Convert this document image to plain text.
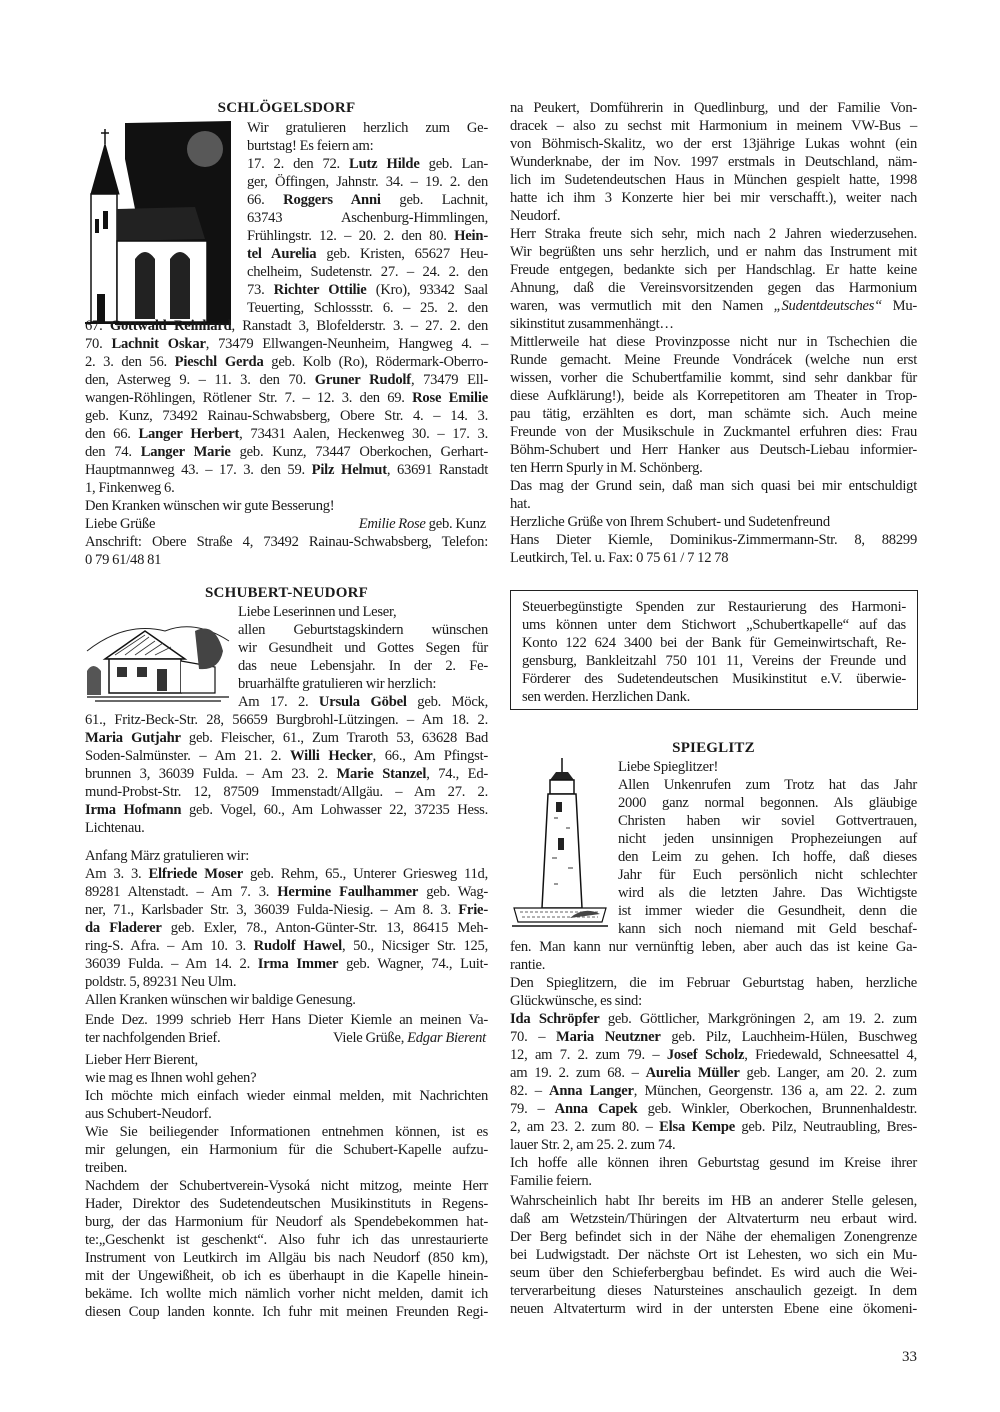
SCHLÖGELSDORF
Wir gratulieren herzlich zum Ge-
burtstag! Es feiern am:
17. 2. den 72. Lutz Hilde geb. Lan-
ger, Öffingen, Jahnstr. 34. – 19. 2. den
66. Roggers Anni geb. Lachnit,
63743 Aschenburg-Himmlingen,
Frühlingstr. 12. – 20. 2. den 80. Hein-
tel Aurelia geb. Kristen, 65627 Heu-
chelheim, Sudetenstr. 27. – 24. 2. den
73. Richter Ottilie (Kro), 93342 Saal
Teuerting, Schlossstr. 6. – 25. 2. den
67. Gottwald Reinhard, Ranstadt 3, Blofelderstr. 3. – 27. 2. den
70. Lachnit Oskar, 73479 Ellwangen-Neunheim, Hangweg 4. –
2. 3. den 56. Pieschl Gerda geb. Kolb (Ro), Rödermark-Oberro-
den, Asterweg 9. – 11. 3. den 70. Gruner Rudolf, 73479 Ell-
wangen-Röhlingen, Rötlener Str. 7. – 12. 3. den 69. Rose Emilie
geb. Kunz, 73492 Rainau-Schwabsberg, Obere Str. 4. – 14. 3.
den 66. Langer Herbert, 73431 Aalen, Heckenweg 30. – 17. 3.
den 74. Langer Marie geb. Kunz, 73447 Oberkochen, Gerhart-
Hauptmannweg 43. – 17. 3. den 59. Pilz Helmut, 63691 Ranstadt
1, Finkenweg 6.
Den Kranken wünschen wir gute Besserung!
Liebe Grüße	Emilie Rose geb. Kunz
Anschrift: Obere Straße 4, 73492 Rainau-Schwabsberg, Telefon:
0 79 61/48 81
SCHUBERT-NEUDORF
Liebe Leserinnen und Leser,
allen Geburtstagskindern wünschen
wir Gesundheit und Gottes Segen für
das neue Lebensjahr. In der 2. Fe-
bruarhälfte gratulieren wir herzlich:
Am 17. 2. Ursula Göbel geb. Möck,
61., Fritz-Beck-Str. 28, 56659 Burgbrohl-Lützingen. – Am 18. 2.
Maria Gutjahr geb. Fleischer, 61., Zum Traroth 53, 63628 Bad
Soden-Salmünster. – Am 21. 2. Willi Hecker, 66., Am Pfingst-
brunnen 3, 36039 Fulda. – Am 23. 2. Marie Stanzel, 74., Ed-
mund-Probst-Str. 12, 87509 Immenstadt/Allgäu. – Am 27. 2.
Irma Hofmann geb. Vogel, 60., Am Lohwasser 22, 37235 Hess.
Lichtenau.
Anfang März gratulieren wir:
Am 3. 3. Elfriede Moser geb. Rehm, 65., Unterer Griesweg 11d,
89281 Altenstadt. – Am 7. 3. Hermine Faulhammer geb. Wag-
ner, 71., Karlsbader Str. 3, 36039 Fulda-Niesig. – Am 8. 3. Frie-
da Fladerer geb. Exler, 78., Anton-Günter-Str. 13, 86415 Meh-
ring-S. Afra. – Am 10. 3. Rudolf Hawel, 50., Nicsiger Str. 125,
36039 Fulda. – Am 14. 2. Irma Immer geb. Wagner, 74., Luit-
poldstr. 5, 89231 Neu Ulm.
Allen Kranken wünschen wir baldige Genesung.
Ende Dez. 1999 schrieb Herr Hans Dieter Kiemle an meinen Va-
ter nachfolgenden Brief.	Viele Grüße, Edgar Bierent
Lieber Herr Bierent,
wie mag es Ihnen wohl gehen?
Ich möchte mich einfach wieder einmal melden, mit Nachrichten
aus Schubert-Neudorf.
Wie Sie beiliegender Informationen entnehmen können, ist es
mir gelungen, ein Harmonium für die Schubert-Kapelle aufzu-
treiben.
Nachdem der Schubertverein-Vysoká nicht mitzog, meinte Herr
Hader, Direktor des Sudetendeutschen Musikinstituts in Regens-
burg, der das Harmonium für Neudorf als Spendebekommen hat-
te:„Geschenkt ist geschenkt“. Also fuhr ich das unrestaurierte
Instrument von Leutkirch im Allgäu bis nach Neudorf (850 km),
mit der Ungewißheit, ob ich es überhaupt in die Kapelle hinein-
bekäme. Ich wollte mich nämlich vorher nicht melden, damit ich
diesen Coup landen konnte. Ich fuhr mit meinen Freunden Regi-
na Peukert, Domführerin in Quedlinburg, und der Familie Von-
dracek – also zu sechst mit Harmonium in meinem VW-Bus –
von Böhmisch-Skalitz, wo der erst 13jährige Lukas wohnt (ein
Wunderknabe, der im Nov. 1997 erstmals in Deutschland, näm-
lich im Sudetendeutschen Haus in München gespielt hatte, 1998
hatte ich ihm 3 Konzerte hier bei mir verschafft.), weiter nach
Neudorf.
Herr Straka freute sich sehr, mich nach 2 Jahren wiederzusehen.
Wir begrüßten uns sehr herzlich, und er nahm das Instrument mit
Freude entgegen, bedankte sich per Handschlag. Er hatte keine
Ahnung, daß die Vereinsvorsitzenden gegen das Harmonium
waren, was vermutlich mit den Namen „Sudentdeutsches“ Mu-
sikinstitut zusammenhängt…
Mittlerweile hat diese Provinzposse nicht nur in Tschechien die
Runde gemacht. Meine Freunde Vondrácek (welche nun erst
wissen, vorher die Schubertfamilie kommt, sind sehr dankbar für
diese Aufklärung!), beide als Korrepetitoren am Theater in Trop-
pau tätig, erzählten es dort, man schämte sich. Auch meine
Freunde von der Musikschule in Zuckmantel erfuhren dies: Frau
Böhm-Schubert und Herr Hanker aus Deutsch-Liebau informier-
ten Herrn Spurly in M. Schönberg.
Das mag der Grund sein, daß man sich quasi bei mir entschuldigt
hat.
Herzliche Grüße von Ihrem Schubert- und Sudetenfreund
Hans Dieter Kiemle, Dominikus-Zimmermann-Str. 8, 88299
Leutkirch, Tel. u. Fax: 0 75 61 / 7 12 78
Steuerbegünstigte Spenden zur Restaurierung des Harmoni-
ums können unter dem Stichwort „Schubertkapelle“ auf das
Konto 122 624 3400 bei der Bank für Gemeinwirtschaft, Re-
gensburg, Bankleitzahl 750 101 11, Vereins der Freunde und
Förderer des Sudetendeutschen Musikinstitut e.V. überwie-
sen werden. Herzlichen Dank.
SPIEGLITZ
Liebe Spieglitzer!
Allen Unkenrufen zum Trotz hat das Jahr
2000 ganz normal begonnen. Als gläubige
Christen haben wir soviel Gottvertrauen,
nicht jeden unsinnigen Prophezeiungen auf
den Leim zu gehen. Ich hoffe, daß dieses
Jahr für Euch persönlich nicht schlechter
wird als die letzten Jahre. Das Wichtigste
ist immer wieder die Gesundheit, denn die
kann sich noch niemand mit Geld beschaf-
fen. Man kann nur vernünftig leben, aber auch das ist keine Ga-
rantie.
Den Spieglitzern, die im Februar Geburtstag haben, herzliche
Glückwünsche, es sind:
Ida Schröpfer geb. Göttlicher, Markgröningen 2, am 19. 2. zum
70. – Maria Neutzner geb. Pilz, Lauchheim-Hülen, Buschweg
12, am 7. 2. zum 79. – Josef Scholz, Friedewald, Schneesattel 4,
am 19. 2. zum 68. – Aurelia Müller geb. Langer, am 20. 2. zum
82. – Anna Langer, München, Georgenstr. 136 a, am 22. 2. zum
79. – Anna Capek geb. Winkler, Oberkochen, Brunnenhaldestr.
2, am 23. 2. zum 80. – Elsa Kempe geb. Pilz, Neutraubling, Bres-
lauer Str. 2, am 25. 2. zum 74.
Ich hoffe alle können ihren Geburtstag gesund im Kreise ihrer
Familie feiern.
Wahrscheinlich habt Ihr bereits im HB an anderer Stelle gelesen,
daß am Wetzstein/Thüringen der Altvaterturm neu erbaut wird.
Der Berg befindet sich in der Nähe der ehemaligen Zonengrenze
bei Ludwigstadt. Der nächste Ort ist Lehesten, wo sich ein Mu-
seum über den Schieferbergbau befindet. Es wird auch die Wei-
terverarbeitung dieses Natursteines anschaulich gezeigt. In dem
neuen Altvaterturm wird in der untersten Ebene eine ökomeni-
33
